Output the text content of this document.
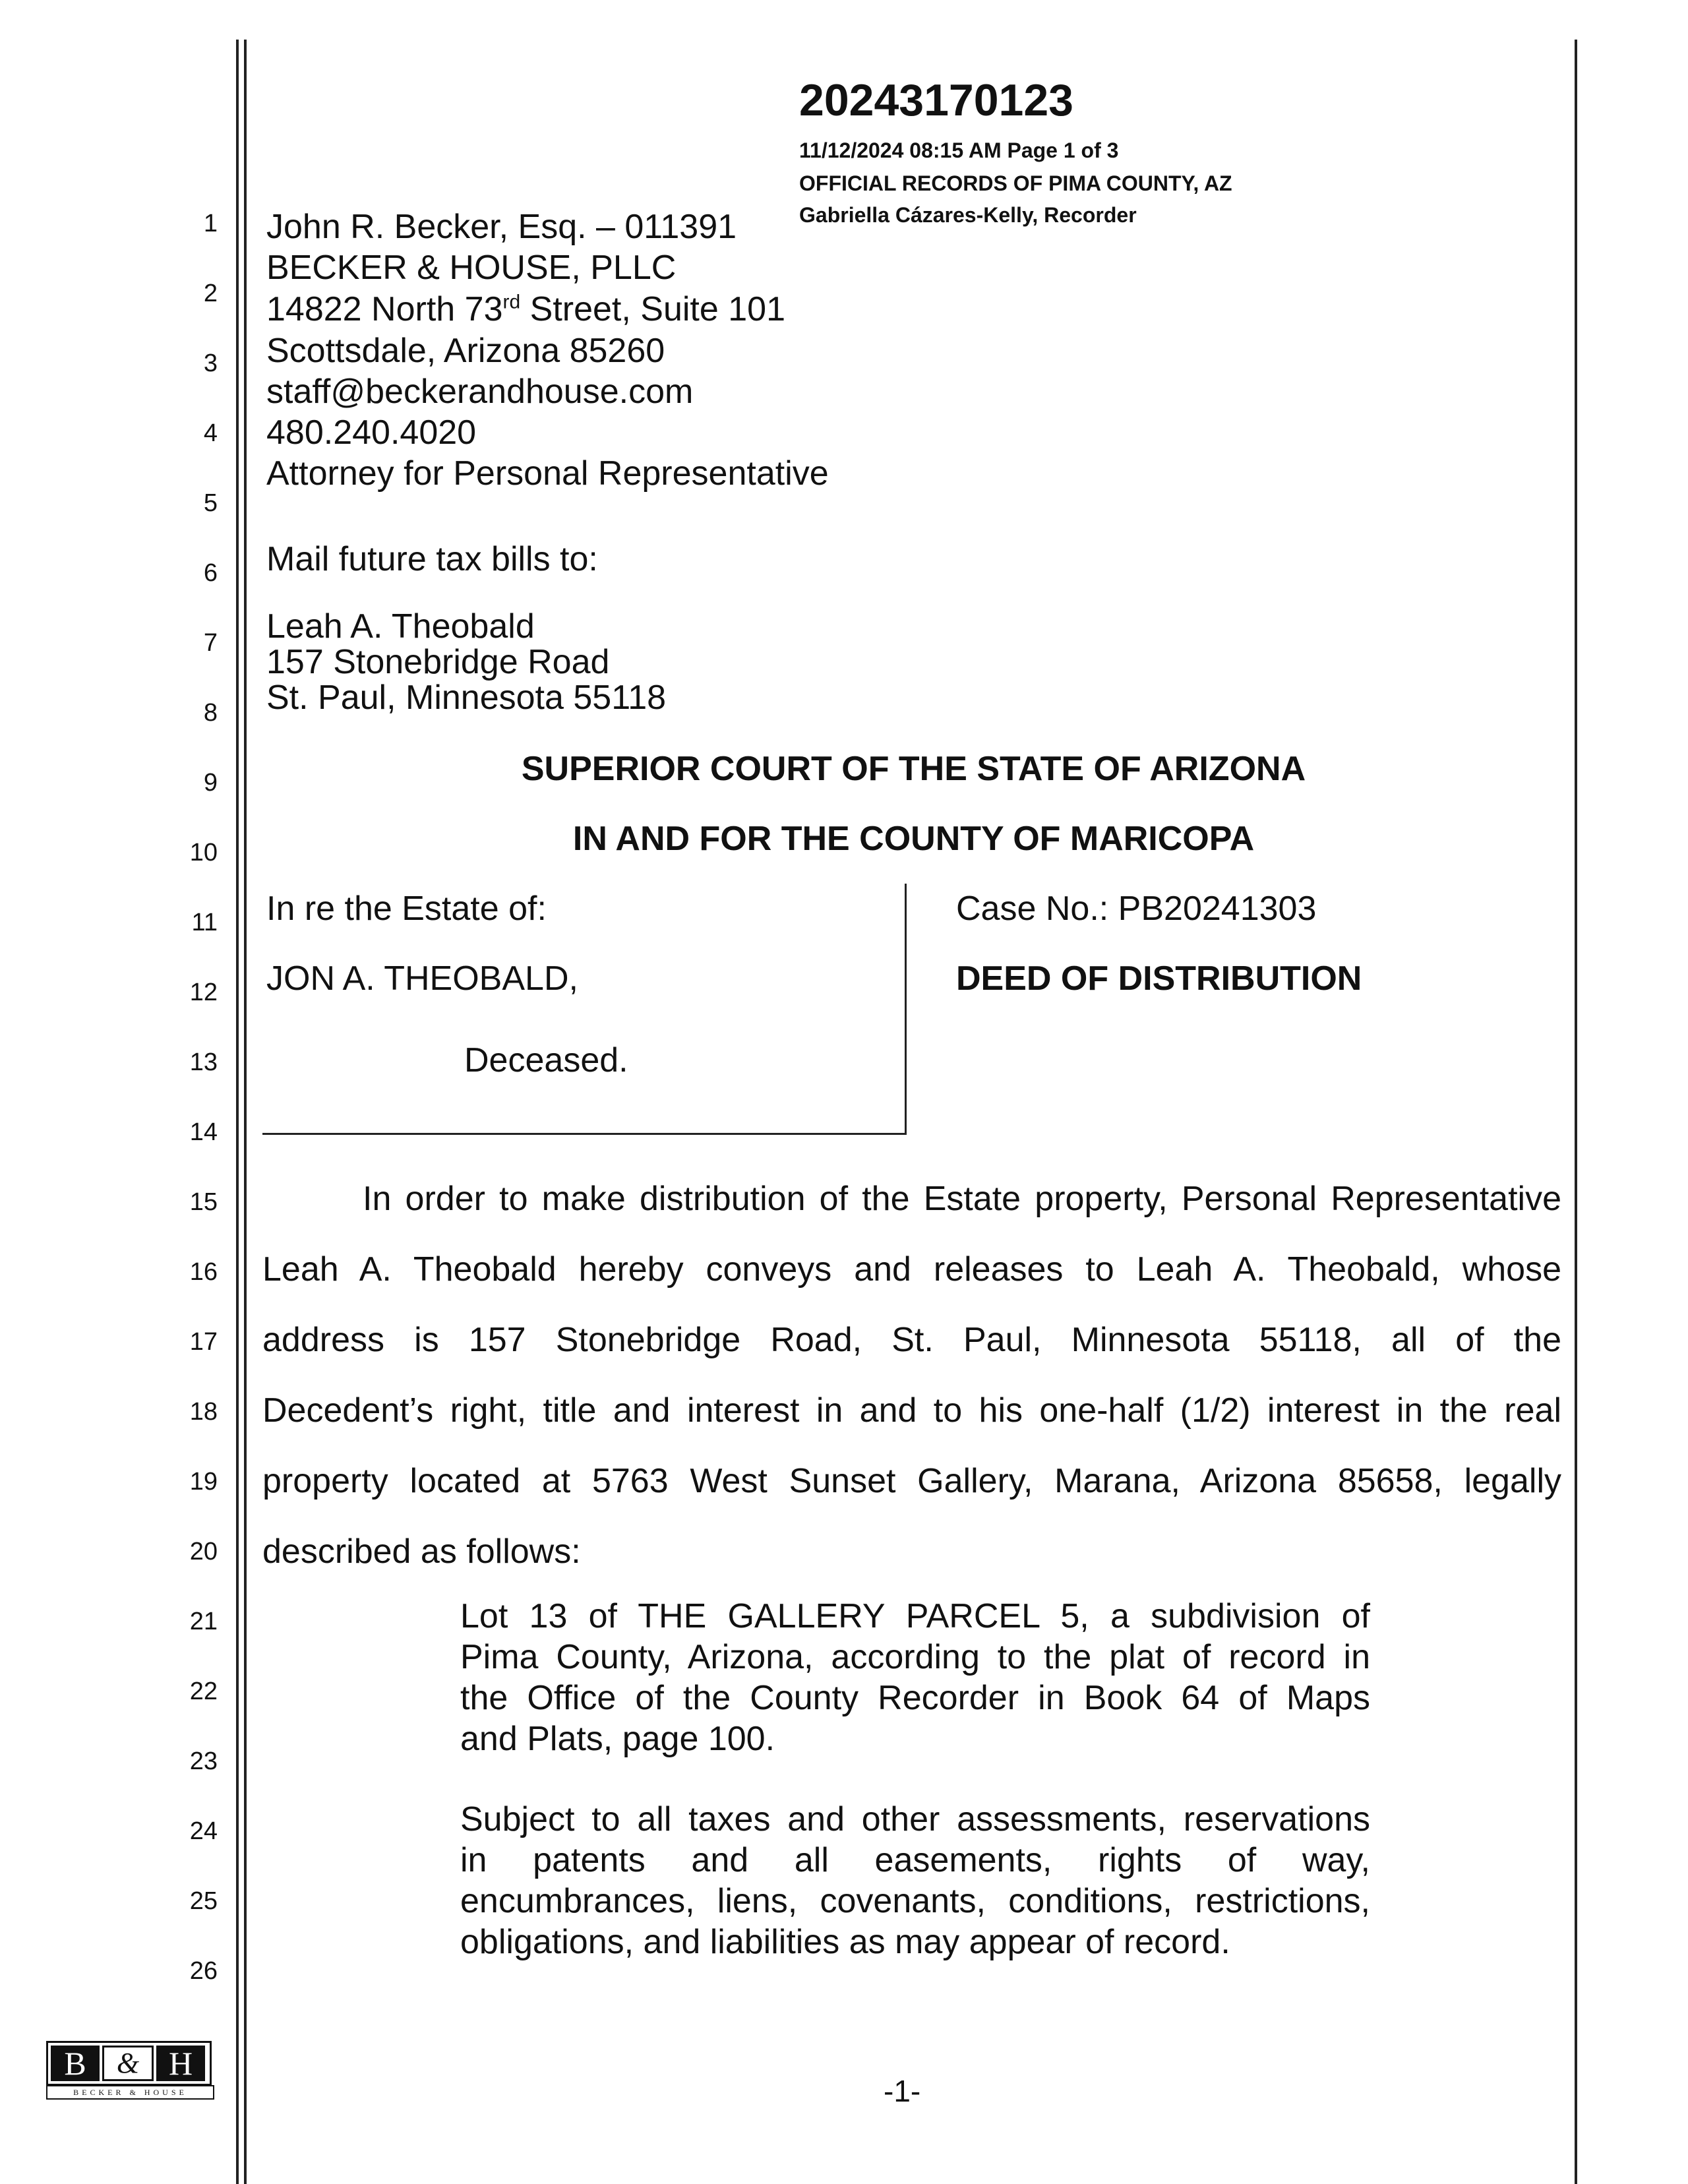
20243170123
11/12/2024 08:15 AM Page 1 of 3
OFFICIAL RECORDS OF PIMA COUNTY, AZ
Gabriella Cázares-Kelly, Recorder
1
2
3
4
5
6
7
8
9
10
11
12
13
14
15
16
17
18
19
20
21
22
23
24
25
26
John R. Becker, Esq. – 011391
BECKER & HOUSE, PLLC
14822 North 73rd Street, Suite 101
Scottsdale, Arizona 85260
staff@beckerandhouse.com
480.240.4020
Attorney for Personal Representative
Mail future tax bills to:
Leah A. Theobald
157 Stonebridge Road
St. Paul, Minnesota 55118
SUPERIOR COURT OF THE STATE OF ARIZONA
IN AND FOR THE COUNTY OF MARICOPA
In re the Estate of:
JON A. THEOBALD,
Deceased.
Case No.: PB20241303
DEED OF DISTRIBUTION
In order to make distribution of the Estate property, Personal Representative
Leah A. Theobald hereby conveys and releases to Leah A. Theobald, whose
address is 157 Stonebridge Road, St. Paul, Minnesota 55118, all of the
Decedent’s right, title and interest in and to his one-half (1/2) interest in the real
property located at 5763 West Sunset Gallery, Marana, Arizona 85658, legally
described as follows:
Lot 13 of THE GALLERY PARCEL 5, a subdivision of
Pima County, Arizona, according to the plat of record in
the Office of the County Recorder in Book 64 of Maps
and Plats, page 100.
Subject to all taxes and other assessments, reservations
in patents and all easements, rights of way,
encumbrances, liens, covenants, conditions, restrictions,
obligations, and liabilities as may appear of record.
-1-
B	& H
BECKER & HOUSE
